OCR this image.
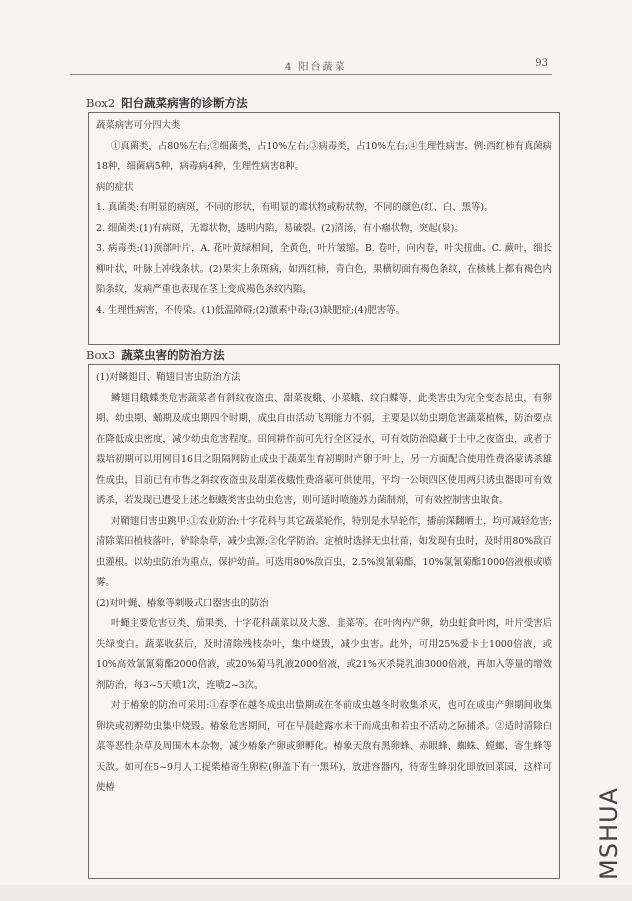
4 阳台蔬菜	93
Box2 阳台蔬菜病害的诊断方法

蔬菜病害可分四大类

①真菌类，占80%左右;②细菌类，占10%左右;③病毒类，占10%左右;④生理性病害。例:西红柿有真菌病18种，细菌病5种，病毒病4种，生理性病害8种。

病的症状

1. 真菌类:有明显的病斑，不同的形状，有明显的霉状物或粉状物，不同的颜色(红、白、黑等)。

2. 细菌类:(1)有病斑，无霉状物，透明内陷，易破裂。(2)清汤，有小瘤状物，突起(泉)。

3. 病毒类:(1)顶部叶片，A. 花叶黄绿相间，全黄色，叶片皱缩。B. 卷叶，向内卷，叶尖扭曲。C. 蕨叶，细长柳叶状，叶脉上冲线条状。(2)果实上条斑病，如西红柿，青白色，果横切面有褐色条纹，在核桃上都有褐色内陷条纹，发病严重也表现在茎上变成褐色条纹内陷。

4. 生理性病害，不传染。(1)低温障碍;(2)激素中毒;(3)缺肥症;(4)肥害等。

Box3 蔬菜虫害的防治方法

(1)对鳞翅目、鞘翅目害虫防治方法

鳞翅目蛾蝶类危害蔬菜者有斜纹夜盗虫、甜菜夜蛾、小菜蛾、纹白蝶等，此类害虫为完全变态昆虫，有卵期、幼虫期、蛹期及成虫期四个时期，成虫自由活动飞翔能力不弱，主要是以幼虫期危害蔬菜植株，防治要点在降低成虫密度，减少幼虫危害程度。田间耕作前可先行全区浸水，可有效防治隐藏于土中之夜盗虫，或者于栽培初期可以用网目16目之阻隔网防止成虫于蔬菜生育初期时产卵于叶上，另一方面配合使用性费洛蒙诱杀雄性成虫，目前已有市售之斜纹夜盗虫及甜菜夜蛾性费洛蒙可供使用，平均一公顷四区使用两只诱虫器即可有效诱杀，若发现已遭受上述之螟蛾类害虫幼虫危害，则可适时喷施苏力菌制剂，可有效控制害虫取食。

对鞘翅目害虫跳甲:①农业防治:十字花科与其它蔬菜轮作，特别是水旱轮作，播前深翻晒土，均可减轻危害;清除菜田植枝落叶，铲除杂草，减少虫源;②化学防治。定植时选择无虫壮苗，如发现有虫时，及时用80%敌百虫灌根。以幼虫防治为重点，保护幼苗。可选用80%敌百虫，2.5%溴氰菊酯，10%氯氰菊酯1000倍液根或喷雾。

(2)对叶蝇、椿象等刺吸式口器害虫的防治

叶蝇主要危害豆类、茄果类、十字花科蔬菜以及大葱、韭菜等。在叶肉内产卵，幼虫蛀食叶肉，叶片受害后失绿变白。蔬菜收获后，及时清除残枝杂叶，集中烧毁，减少虫害。此外，可用25%爱卡士1000倍液，或10%高效氯氰菊酯2000倍液，或20%菊马乳液2000倍液，或21%灭杀毙乳油3000倍液，再加入等量的增效剂防治，每3~5天喷1次，连喷2~3次。

对于椿象的防治可采用:①春季在越冬成虫出蛰期或在冬前成虫越冬时收集杀灭，也可在成虫产卵期间收集卵块或初孵幼虫集中烧毁。椿象危害期间，可在早晨趁露水未干而成虫和若虫不活动之际捕杀。②适时清除白菜等恶性杂草及周围木本杂物，减少椿象产卵或卵孵化。椿象天敌有黑卵蜂、赤眼蜂、蜘蛛、螳螂、寄生蜂等天敌。如可在5~9月人工捉柴椿寄生卵粒(卵盖下有一黑环)，放进容器内，待寄生蜂羽化即放回菜园，这样可使椿	MSHUA
